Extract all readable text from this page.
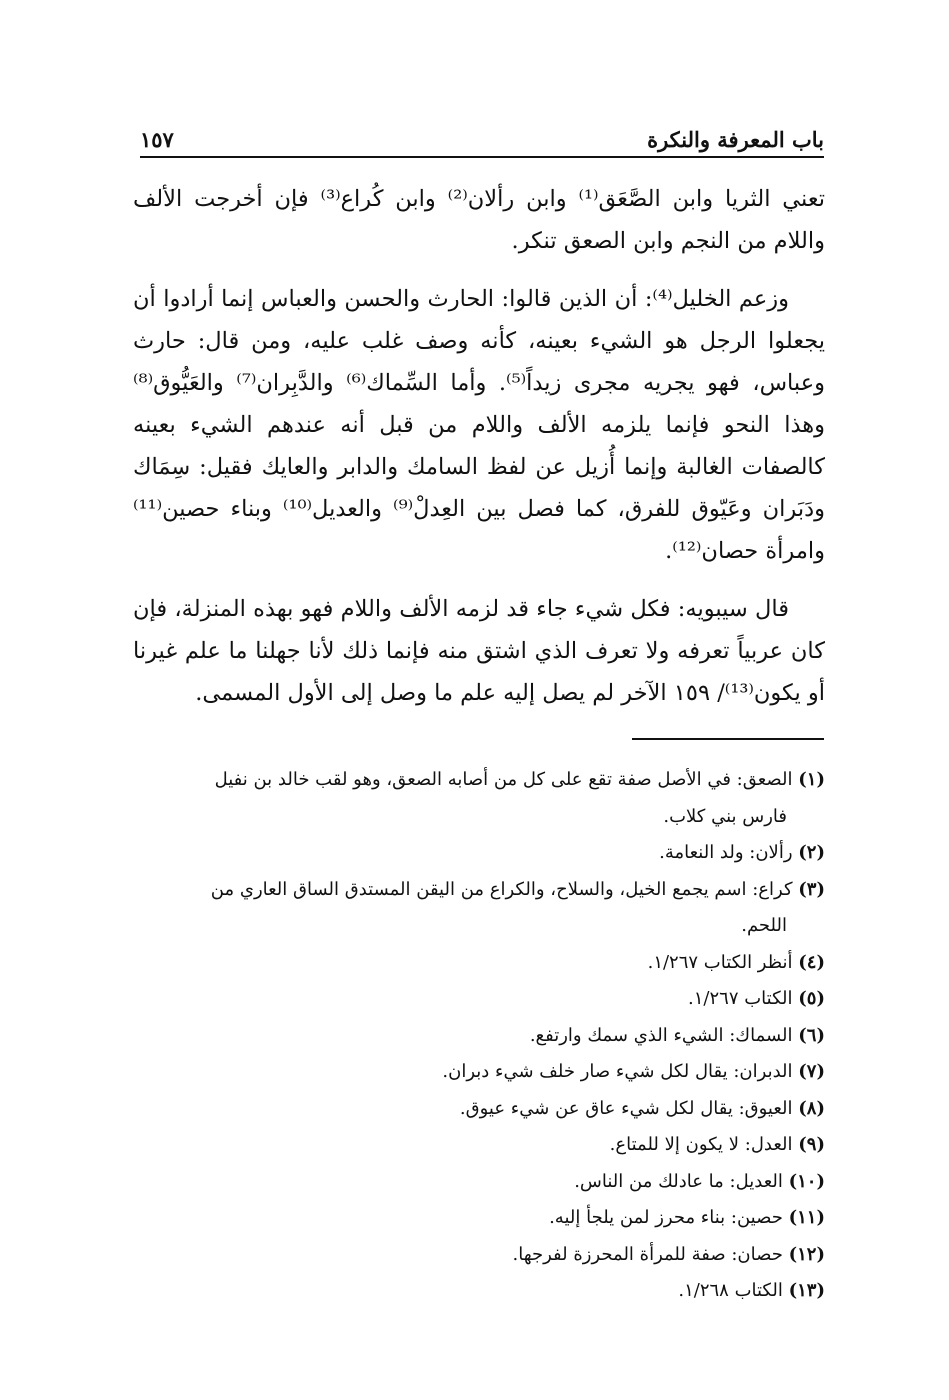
باب المعرفة والنكرة
١٥٧

تعني الثريا وابن الصَّعَق⁽¹⁾ وابن رألان⁽²⁾ وابن كُراع⁽³⁾ فإن أخرجت الألف واللام من النجم وابن الصعق تنكر.

وزعم الخليل⁽⁴⁾: أن الذين قالوا: الحارث والحسن والعباس إنما أرادوا أن يجعلوا الرجل هو الشيء بعينه، كأنه وصف غلب عليه، ومن قال: حارث وعباس، فهو يجريه مجرى زيداً⁽⁵⁾. وأما السِّماك⁽⁶⁾ والدَّبِران⁽⁷⁾ والعَيُّوق⁽⁸⁾ وهذا النحو فإنما يلزمه الألف واللام من قبل أنه عندهم الشيء بعينه كالصفات الغالبة وإنما أُزيل عن لفظ السامك والدابر والعايك فقيل: سِمَاك ودَبَران وعَيّوق للفرق، كما فصل بين العِدلْ⁽⁹⁾ والعديل⁽¹⁰⁾ وبناء حصين⁽¹¹⁾ وامرأة حصان⁽¹²⁾.

قال سيبويه: فكل شيء جاء قد لزمه الألف واللام فهو بهذه المنزلة، فإن كان عربياً تعرفه ولا تعرف الذي اشتق منه فإنما ذلك لأنا جهلنا ما علم غيرنا أو يكون⁽¹³⁾/ ١٥٩ الآخر لم يصل إليه علم ما وصل إلى الأول المسمى.

(١) الصعق: في الأصل صفة تقع على كل من أصابه الصعق، وهو لقب خالد بن نفيل
فارس بني كلاب.
(٢) رألان: ولد النعامة.
(٣) كراع: اسم يجمع الخيل، والسلاح، والكراع من اليقن المستدق الساق العاري من
اللحم.
(٤) أنظر الكتاب ١/٢٦٧.
(٥) الكتاب ١/٢٦٧.
(٦) السماك: الشيء الذي سمك وارتفع.
(٧) الدبران: يقال لكل شيء صار خلف شيء دبران.
(٨) العيوق: يقال لكل شيء عاق عن شيء عيوق.
(٩) العدل: لا يكون إلا للمتاع.
(١٠) العديل: ما عادلك من الناس.
(١١) حصين: بناء محرز لمن يلجأ إليه.
(١٢) حصان: صفة للمرأة المحرزة لفرجها.
(١٣) الكتاب ١/٢٦٨.
